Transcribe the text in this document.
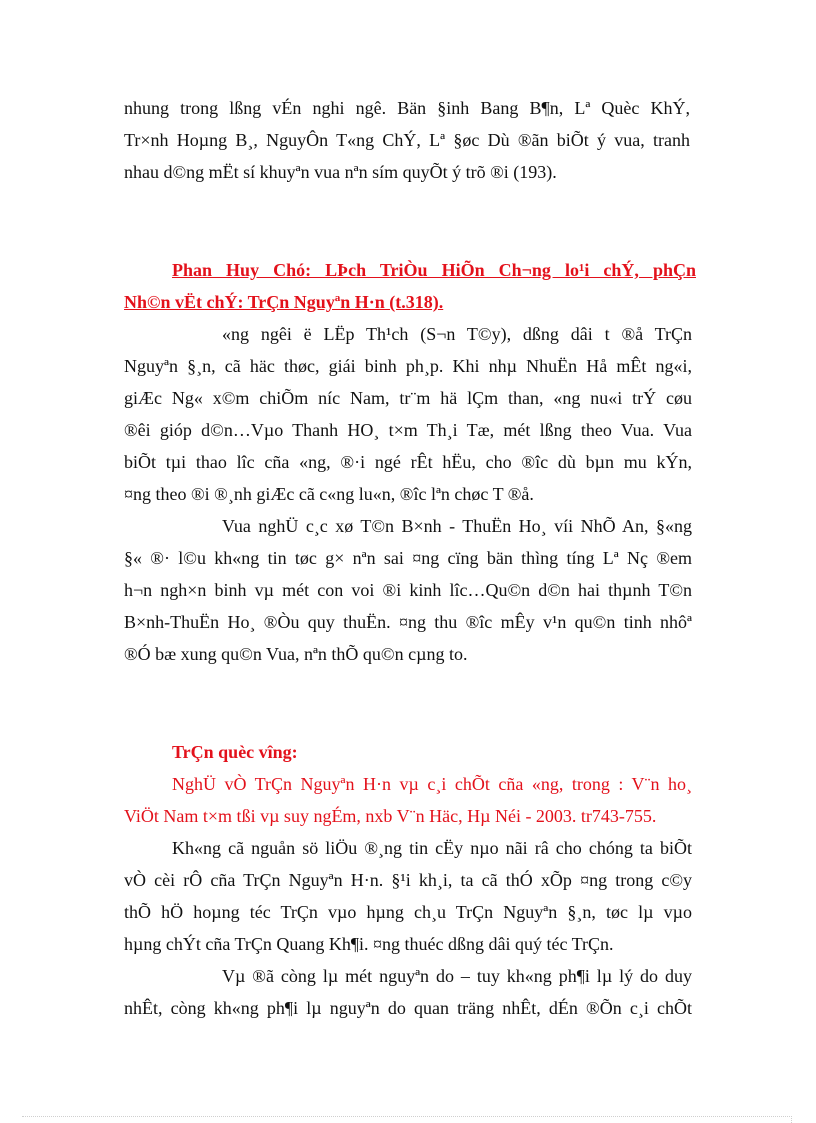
nhung trong lßng vÉn nghi ngê. Bän §inh Bang B¶n, Lª Quèc KhÝ,
Tr×nh Hoµng B¸, NguyÔn T«ng ChÝ, Lª §øc Dù ®ãn biÕt ý vua, tranh
nhau d©ng mËt sí khuyªn vua nªn sím quyÕt ý trõ ®i (193).
Phan Huy Chó: LÞch TriÒu HiÕn Ch¬ng lo¹i chÝ, phÇn
Nh©n vËt chÝ: TrÇn Nguyªn H·n (t.318).
«ng ngêi ë LËp Th¹ch (S¬n T©y), dßng dâi t ®å TrÇn
Nguyªn §¸n, cã häc thøc, giái binh ph¸p. Khi nhµ NhuËn Hå mÊt ng«i,
giÆc Ng« x©m chiÕm níc Nam, tr¨m hä lÇm than, «ng nu«i trÝ cøu
®êi gióp d©n…Vµo Thanh HO¸ t×m Th¸i Tæ, mét lßng theo Vua. Vua
biÕt tµi thao lîc cña «ng, ®·i ngé rÊt hËu, cho ®îc dù bµn mu kÝn,
¤ng theo ®i ®¸nh giÆc cã c«ng lu«n, ®îc lªn chøc T ®å.
Vua nghÜ c¸c xø T©n B×nh - ThuËn Ho¸ víi NhÕ An, §«ng
§« ®· l©u kh«ng tin tøc g× nªn sai ¤ng cïng bän thìng tíng Lª Nç ®em
h¬n ngh×n binh vµ mét con voi ®i kinh lîc…Qu©n d©n hai thµnh T©n
B×nh-ThuËn Ho¸ ®Òu quy thuËn. ¤ng thu ®îc mÊy v¹n qu©n tinh nhôª
®Ó bæ xung qu©n Vua, nªn thÕ qu©n cµng to.
TrÇn quèc vîng:
NghÜ vÒ TrÇn Nguyªn H·n vµ c¸i chÕt cña «ng, trong : V¨n ho¸
ViÖt Nam t×m tßi vµ suy ngÉm, nxb V¨n Häc, Hµ Néi - 2003. tr743-755.
Kh«ng cã nguån sö liÖu ®¸ng tin cËy nµo nãi râ cho chóng ta biÕt
vÒ cèi rÔ cña TrÇn Nguyªn H·n. §¹i kh¸i, ta cã thÓ xÕp ¤ng trong c©y
thÕ hÖ hoµng téc TrÇn vµo hµng ch¸u TrÇn Nguyªn §¸n, tøc lµ vµo
hµng chÝt cña TrÇn Quang Kh¶i. ¤ng thuéc dßng dâi quý téc TrÇn.
Vµ ®ã còng lµ mét nguyªn do – tuy kh«ng ph¶i lµ lý do duy
nhÊt, còng kh«ng ph¶i lµ nguyªn do quan träng nhÊt, dÉn ®Õn c¸i chÕt
